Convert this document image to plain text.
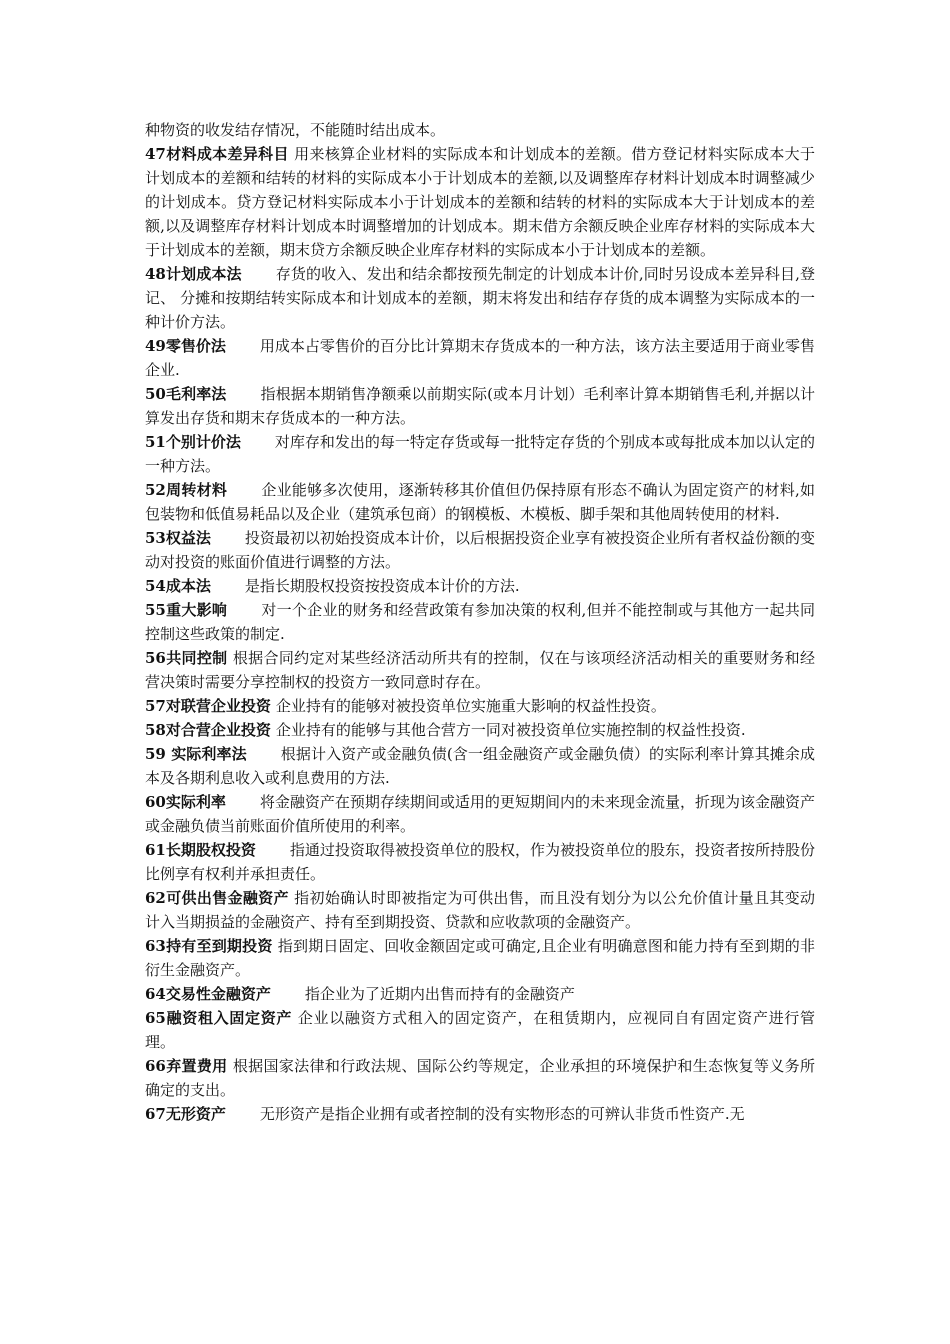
种物资的收发结存情况，不能随时结出成本。

47材料成本差异科目 用来核算企业材料的实际成本和计划成本的差额。借方登记材料实际成本大于计划成本的差额和结转的材料的实际成本小于计划成本的差额,以及调整库存材料计划成本时调整减少的计划成本。贷方登记材料实际成本小于计划成本的差额和结转的材料的实际成本大于计划成本的差额,以及调整库存材料计划成本时调整增加的计划成本。期末借方余额反映企业库存材料的实际成本大于计划成本的差额，期末贷方余额反映企业库存材料的实际成本小于计划成本的差额。

48计划成本法 存货的收入、发出和结余都按预先制定的计划成本计价,同时另设成本差异科目,登记、 分摊和按期结转实际成本和计划成本的差额，期末将发出和结存存货的成本调整为实际成本的一种计价方法。

49零售价法 用成本占零售价的百分比计算期末存货成本的一种方法，该方法主要适用于商业零售企业.

50毛利率法 指根据本期销售净额乘以前期实际(或本月计划）毛利率计算本期销售毛利,并据以计算发出存货和期末存货成本的一种方法。

51个别计价法 对库存和发出的每一特定存货或每一批特定存货的个别成本或每批成本加以认定的一种方法。

52周转材料 企业能够多次使用，逐渐转移其价值但仍保持原有形态不确认为固定资产的材料,如包装物和低值易耗品以及企业（建筑承包商）的钢模板、木模板、脚手架和其他周转使用的材料.

53权益法 投资最初以初始投资成本计价，以后根据投资企业享有被投资企业所有者权益份额的变动对投资的账面价值进行调整的方法。

54成本法 是指长期股权投资按投资成本计价的方法.

55重大影响 对一个企业的财务和经营政策有参加决策的权利,但并不能控制或与其他方一起共同控制这些政策的制定.

56共同控制 根据合同约定对某些经济活动所共有的控制，仅在与该项经济活动相关的重要财务和经营决策时需要分享控制权的投资方一致同意时存在。

57对联营企业投资 企业持有的能够对被投资单位实施重大影响的权益性投资。

58对合营企业投资 企业持有的能够与其他合营方一同对被投资单位实施控制的权益性投资.

59 实际利率法 根据计入资产或金融负债(含一组金融资产或金融负债）的实际利率计算其摊余成本及各期利息收入或利息费用的方法.

60实际利率 将金融资产在预期存续期间或适用的更短期间内的未来现金流量，折现为该金融资产或金融负债当前账面价值所使用的利率。

61长期股权投资 指通过投资取得被投资单位的股权，作为被投资单位的股东，投资者按所持股份比例享有权利并承担责任。

62可供出售金融资产 指初始确认时即被指定为可供出售，而且没有划分为以公允价值计量且其变动计入当期损益的金融资产、持有至到期投资、贷款和应收款项的金融资产。

63持有至到期投资 指到期日固定、回收金额固定或可确定,且企业有明确意图和能力持有至到期的非衍生金融资产。

64交易性金融资产 指企业为了近期内出售而持有的金融资产

65融资租入固定资产 企业以融资方式租入的固定资产，在租赁期内，应视同自有固定资产进行管理。

66弃置费用 根据国家法律和行政法规、国际公约等规定，企业承担的环境保护和生态恢复等义务所确定的支出。

67无形资产 无形资产是指企业拥有或者控制的没有实物形态的可辨认非货币性资产.无
